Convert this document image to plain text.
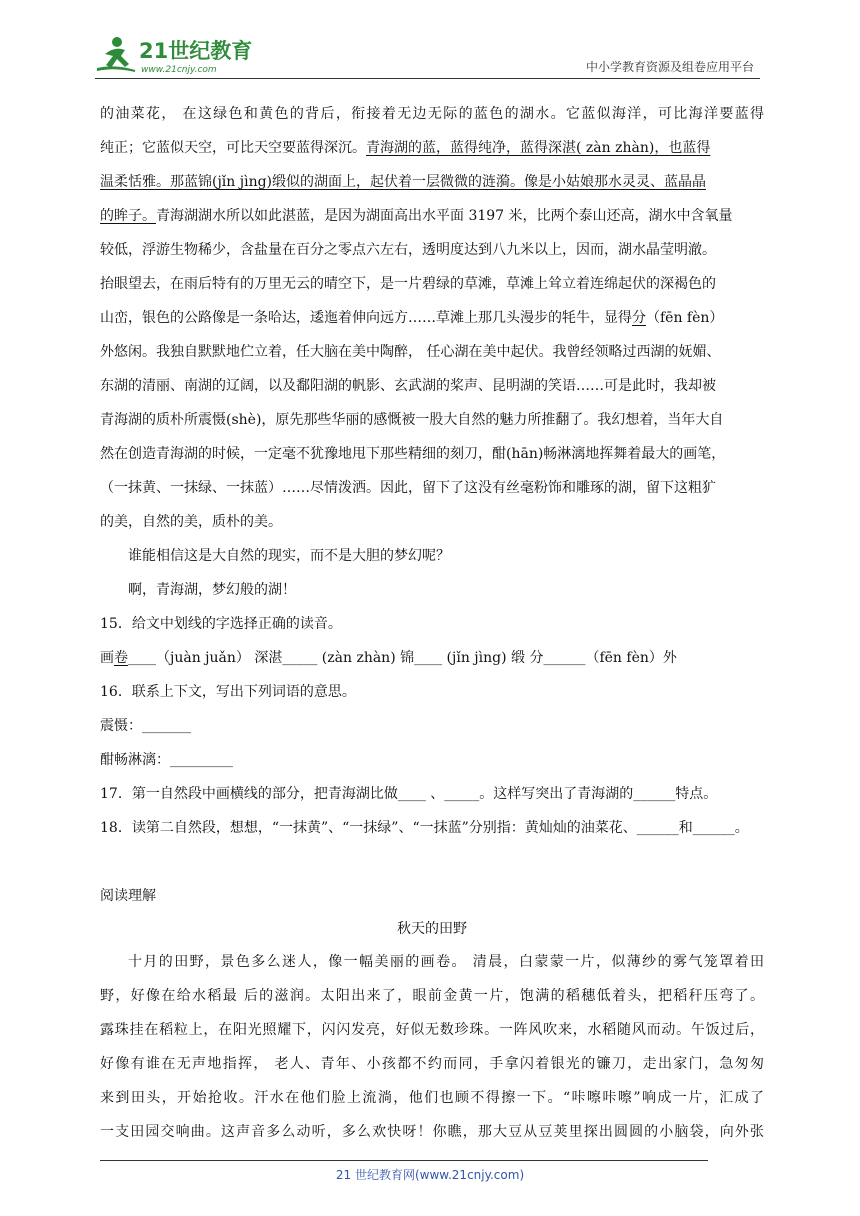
21世纪教育
www.21cnjy.com	中小学教育资源及组卷应用平台
的油菜花， 在这绿色和黄色的背后，衔接着无边无际的蓝色的湖水。它蓝似海洋，可比海洋要蓝得
纯正；它蓝似天空，可比天空要蓝得深沉。青海湖的蓝，蓝得纯净，蓝得深湛( zàn zhàn)，也蓝得
温柔恬雅。那蓝锦(jǐn jìng)缎似的湖面上，起伏着一层微微的涟漪。像是小姑娘那水灵灵、蓝晶晶
的眸子。青海湖湖水所以如此湛蓝，是因为湖面高出水平面 3197 米，比两个泰山还高，湖水中含氧量
较低，浮游生物稀少，含盐量在百分之零点六左右，透明度达到八九米以上，因而，湖水晶莹明澈。
抬眼望去，在雨后特有的万里无云的晴空下，是一片碧绿的草滩，草滩上耸立着连绵起伏的深褐色的
山峦，银色的公路像是一条哈达，逶迤着伸向远方……草滩上那几头漫步的牦牛，显得分（fēn fèn）
外悠闲。我独自默默地伫立着，任大脑在美中陶醉， 任心湖在美中起伏。我曾经领略过西湖的妩媚、
东湖的清丽、南湖的辽阔，以及鄱阳湖的帆影、玄武湖的桨声、昆明湖的笑语……可是此时，我却被
青海湖的质朴所震慑(shè)，原先那些华丽的感慨被一股大自然的魅力所推翻了。我幻想着，当年大自
然在创造青海湖的时候，一定毫不犹豫地甩下那些精细的刻刀，酣(hān)畅淋漓地挥舞着最大的画笔，
（一抹黄、一抹绿、一抹蓝）……尽情泼洒。因此，留下了这没有丝毫粉饰和雕琢的湖，留下这粗犷
的美，自然的美，质朴的美。
谁能相信这是大自然的现实，而不是大胆的梦幻呢？
啊，青海湖，梦幻般的湖！
15．给文中划线的字选择正确的读音。
画卷____（juàn juǎn） 深湛_____ (zàn zhàn) 锦____ (jǐn jìng) 缎 分______（fēn fèn）外
16．联系上下文，写出下列词语的意思。
震慑：_______
酣畅淋漓：_________
17．第一自然段中画横线的部分，把青海湖比做____ 、_____。这样写突出了青海湖的______特点。
18．读第二自然段，想想，“一抹黄”、“一抹绿”、“一抹蓝”分别指：黄灿灿的油菜花、______和______。
阅读理解
秋天的田野
十月的田野，景色多么迷人，像一幅美丽的画卷。 清晨，白蒙蒙一片，似薄纱的雾气笼罩着田
野，好像在给水稻最 后的滋润。太阳出来了，眼前金黄一片，饱满的稻穗低着头，把稻秆压弯了。
露珠挂在稻粒上，在阳光照耀下，闪闪发亮，好似无数珍珠。一阵风吹来，水稻随风而动。午饭过后，
好像有谁在无声地指挥， 老人、青年、小孩都不约而同，手拿闪着银光的镰刀，走出家门，急匆匆
来到田头，开始抢收。汗水在他们脸上流淌，他们也顾不得擦一下。“咔嚓咔嚓”响成一片，汇成了
一支田园交响曲。这声音多么动听，多么欢快呀！你瞧，那大豆从豆荚里探出圆圆的小脑袋，向外张
21 世纪教育网(www.21cnjy.com)
